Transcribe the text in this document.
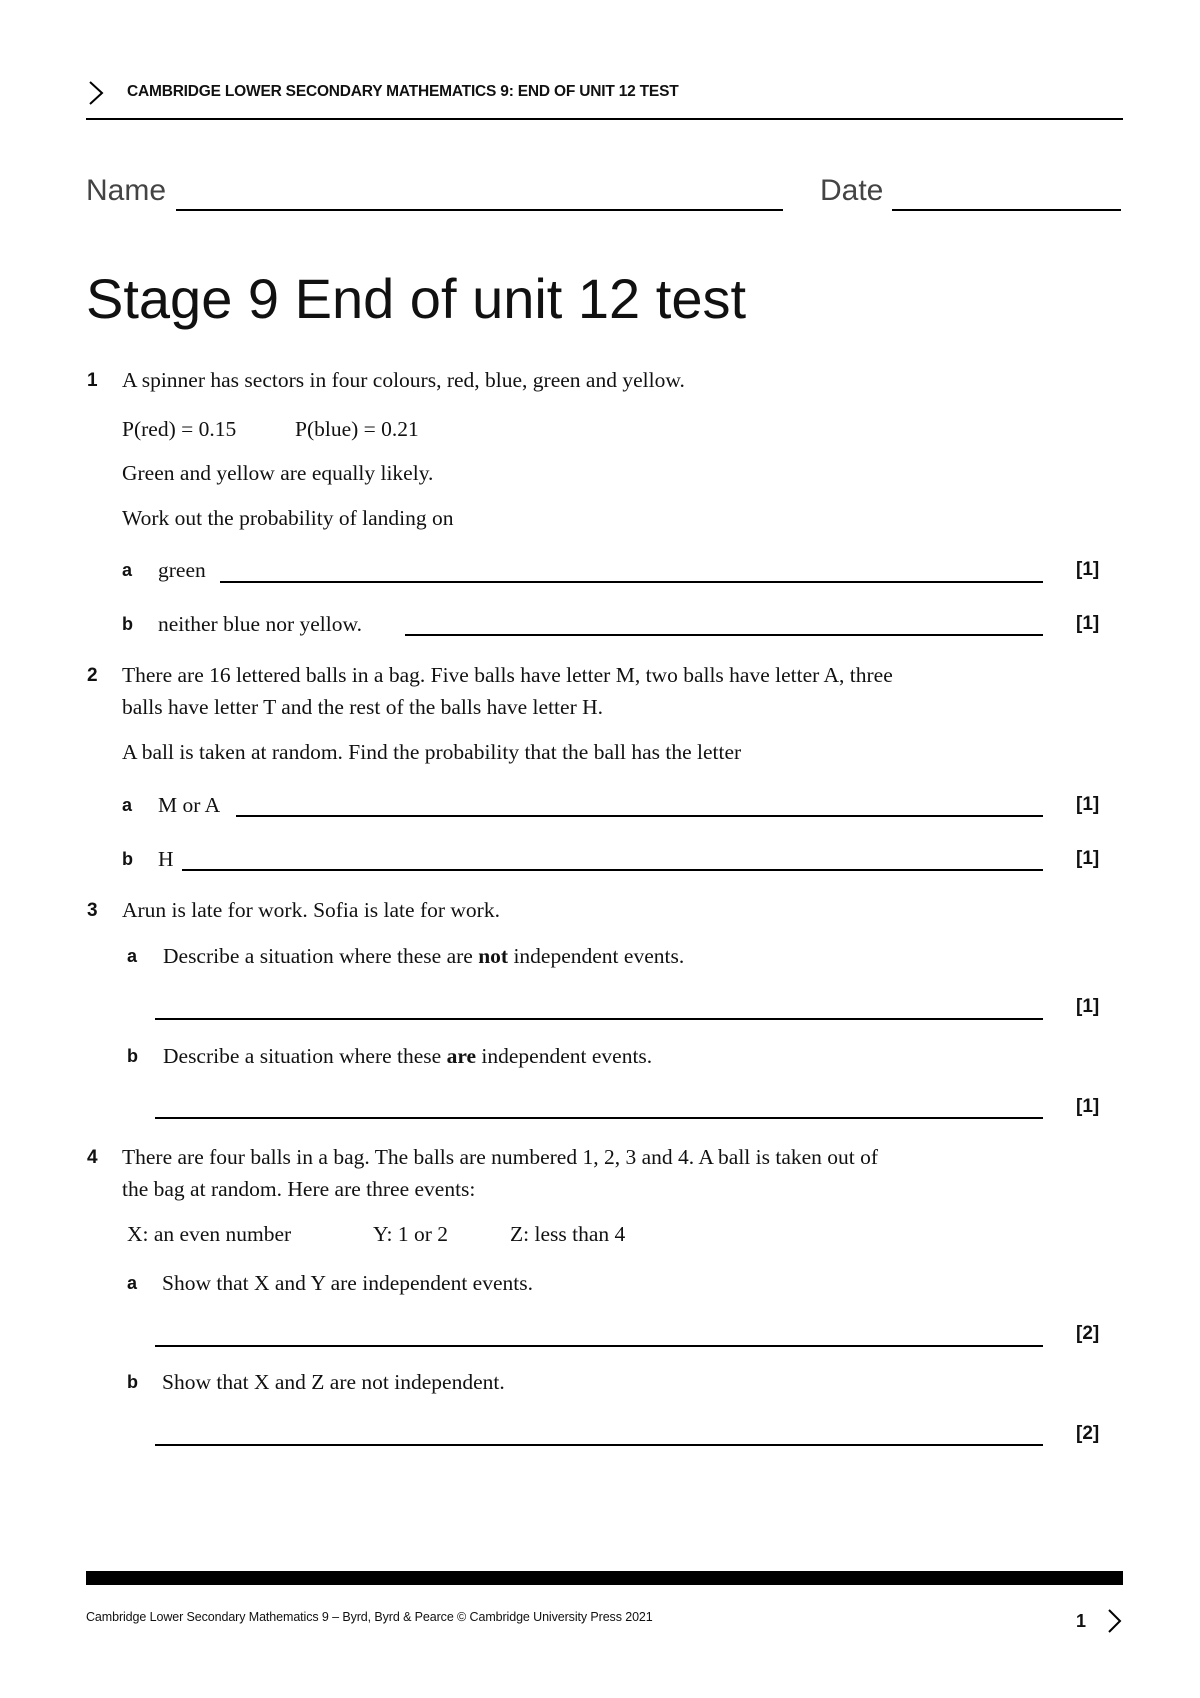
CAMBRIDGE LOWER SECONDARY MATHEMATICS 9: END OF UNIT 12 TEST
Name	Date
Stage 9 End of unit 12 test
1 A spinner has sectors in four colours, red, blue, green and yellow.
P(red) = 0.15	P(blue) = 0.21
Green and yellow are equally likely.
Work out the probability of landing on
a green	[1]
b neither blue nor yellow.	[1]
2 There are 16 lettered balls in a bag. Five balls have letter M, two balls have letter A, three
balls have letter T and the rest of the balls have letter H.
A ball is taken at random. Find the probability that the ball has the letter
a M or A	[1]
b H	[1]
3 Arun is late for work. Sofia is late for work.
a Describe a situation where these are not independent events.
[1]
b Describe a situation where these are independent events.
[1]
4 There are four balls in a bag. The balls are numbered 1, 2, 3 and 4. A ball is taken out of
the bag at random. Here are three events:
X: an even number	Y: 1 or 2	Z: less than 4
a Show that X and Y are independent events.
[2]
b Show that X and Z are not independent.
[2]
Cambridge Lower Secondary Mathematics 9 – Byrd, Byrd & Pearce © Cambridge University Press 2021	1
